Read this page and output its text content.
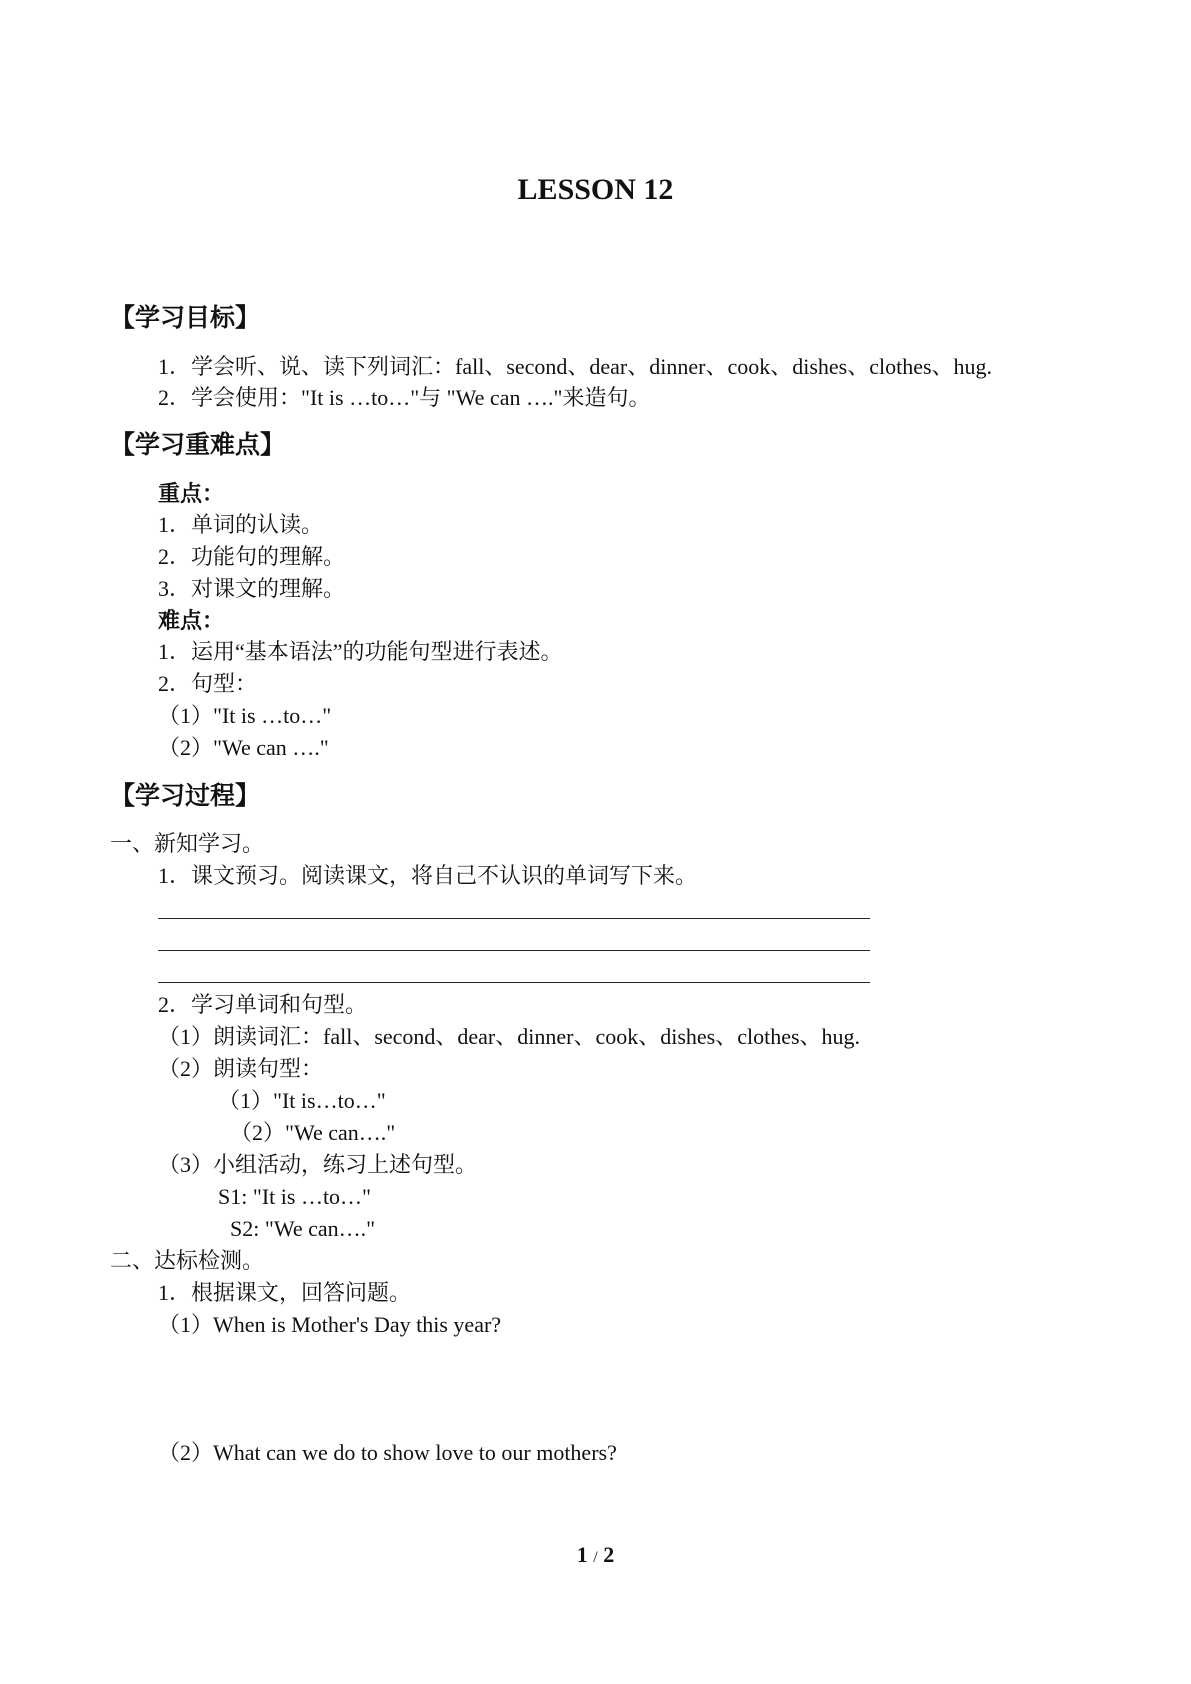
LESSON 12
【学习目标】
1．学会听、说、读下列词汇：fall、second、dear、dinner、cook、dishes、clothes、hug.
2．学会使用："It is …to…"与 "We can …."来造句。
【学习重难点】
重点：
1．单词的认读。
2．功能句的理解。
3．对课文的理解。
难点：
1．运用“基本语法”的功能句型进行表述。
2．句型：
（1）"It is …to…"
（2）"We can …."
【学习过程】
一、新知学习。
1．课文预习。阅读课文，将自己不认识的单词写下来。
2．学习单词和句型。
（1）朗读词汇：fall、second、dear、dinner、cook、dishes、clothes、hug.
（2）朗读句型：
（1）"It is…to…"
（2）"We can…."
（3）小组活动，练习上述句型。
S1: "It is …to…"
S2: "We can…."
二、达标检测。
1．根据课文，回答问题。
（1）When is Mother's Day this year?
（2）What can we do to show love to our mothers?
1 / 2
